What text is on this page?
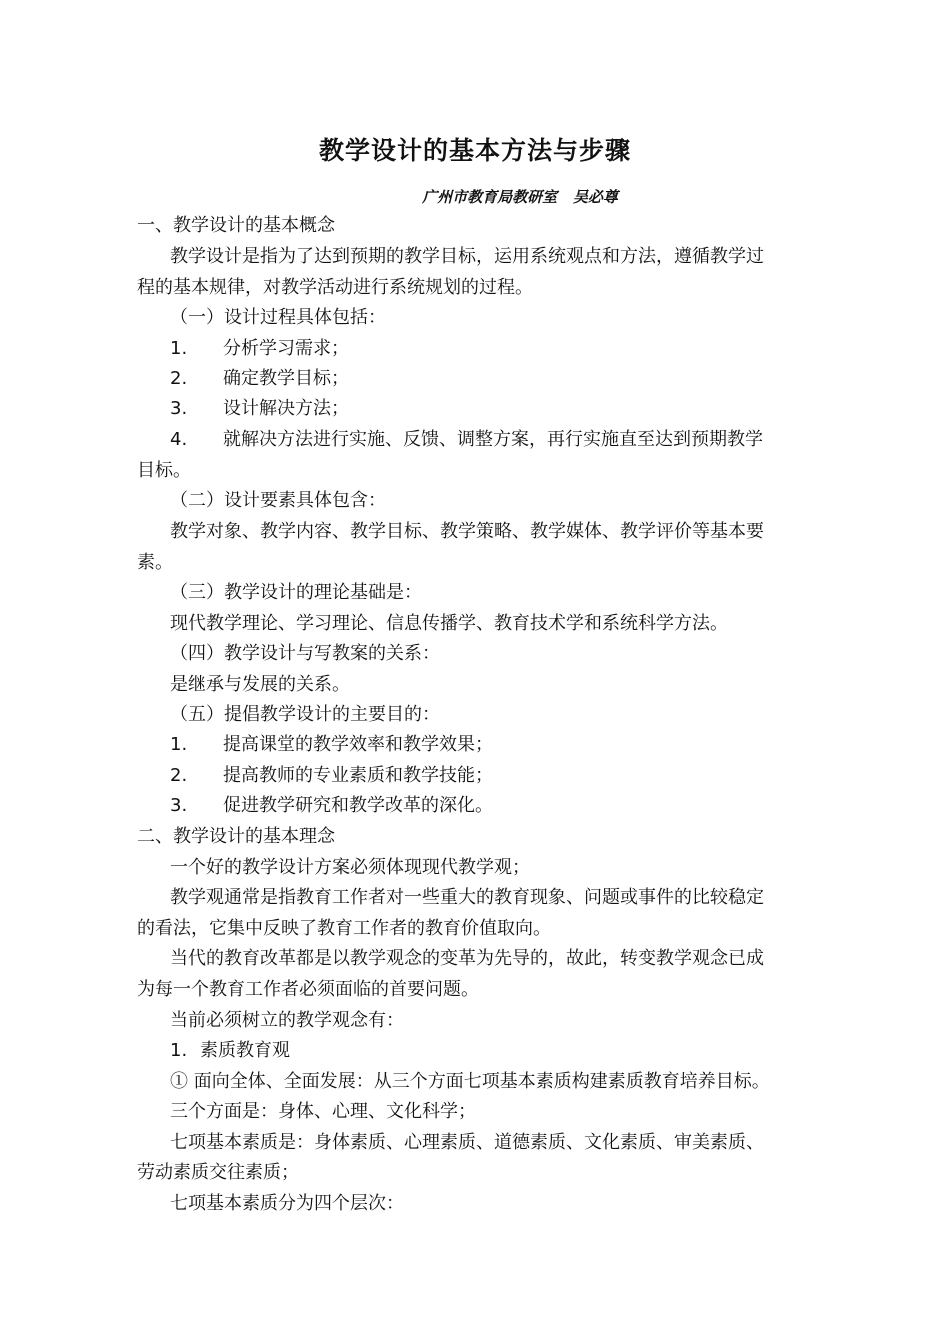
教学设计的基本方法与步骤
广州市教育局教研室   吴必尊
一、教学设计的基本概念
教学设计是指为了达到预期的教学目标，运用系统观点和方法，遵循教学过
程的基本规律，对教学活动进行系统规划的过程。
（一）设计过程具体包括：
1. 分析学习需求；
2. 确定教学目标；
3. 设计解决方法；
4. 就解决方法进行实施、反馈、调整方案，再行实施直至达到预期教学
目标。
（二）设计要素具体包含：
教学对象、教学内容、教学目标、教学策略、教学媒体、教学评价等基本要
素。
（三）教学设计的理论基础是：
现代教学理论、学习理论、信息传播学、教育技术学和系统科学方法。
（四）教学设计与写教案的关系：
是继承与发展的关系。
（五）提倡教学设计的主要目的：
1. 提高课堂的教学效率和教学效果；
2. 提高教师的专业素质和教学技能；
3. 促进教学研究和教学改革的深化。
二、教学设计的基本理念
一个好的教学设计方案必须体现现代教学观；
教学观通常是指教育工作者对一些重大的教育现象、问题或事件的比较稳定
的看法，它集中反映了教育工作者的教育价值取向。
当代的教育改革都是以教学观念的变革为先导的，故此，转变教学观念已成
为每一个教育工作者必须面临的首要问题。
当前必须树立的教学观念有：
1. 素质教育观
① 面向全体、全面发展：从三个方面七项基本素质构建素质教育培养目标。
三个方面是：身体、心理、文化科学；
七项基本素质是：身体素质、心理素质、道德素质、文化素质、审美素质、
劳动素质交往素质；
七项基本素质分为四个层次：
